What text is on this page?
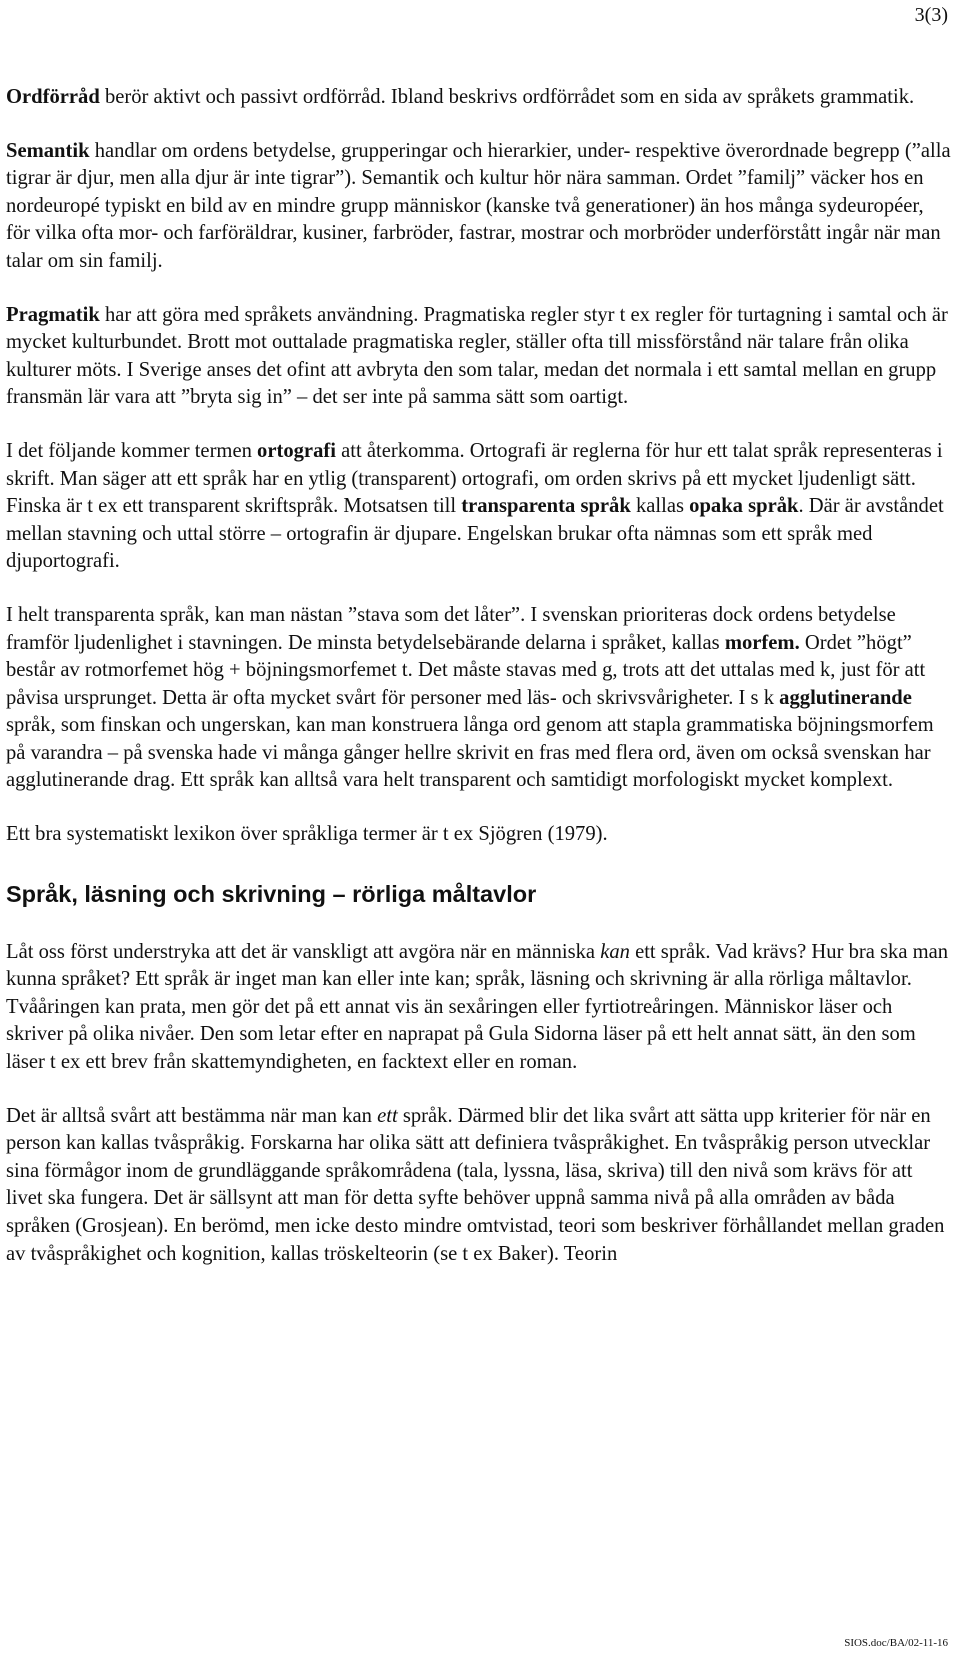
3(3)

Ordförråd berör aktivt och passivt ordförråd. Ibland beskrivs ordförrådet som en sida av språkets grammatik.

Semantik handlar om ordens betydelse, grupperingar och hierarkier, under- respektive överordnade begrepp (”alla tigrar är djur, men alla djur är inte tigrar”). Semantik och kultur hör nära samman. Ordet ”familj” väcker hos en nordeuropé typiskt en bild av en mindre grupp människor (kanske två generationer) än hos många sydeuropéer, för vilka ofta mor- och farföräldrar, kusiner, farbröder, fastrar, mostrar och morbröder underförstått ingår när man talar om sin familj.

Pragmatik har att göra med språkets användning. Pragmatiska regler styr t ex regler för turtagning i samtal och är mycket kulturbundet. Brott mot outtalade pragmatiska regler, ställer ofta till missförstånd när talare från olika kulturer möts. I Sverige anses det ofint att avbryta den som talar, medan det normala i ett samtal mellan en grupp fransmän lär vara att ”bryta sig in” – det ser inte på samma sätt som oartigt.

I det följande kommer termen ortografi att återkomma. Ortografi är reglerna för hur ett talat språk representeras i skrift. Man säger att ett språk har en ytlig (transparent) ortografi, om orden skrivs på ett mycket ljudenligt sätt. Finska är t ex ett transparent skriftspråk. Motsatsen till transparenta språk kallas opaka språk. Där är avståndet mellan stavning och uttal större – ortografin är djupare. Engelskan brukar ofta nämnas som ett språk med djuportografi.

I helt transparenta språk, kan man nästan ”stava som det låter”. I svenskan prioriteras dock ordens betydelse framför ljudenlighet i stavningen. De minsta betydelsebärande delarna i språket, kallas morfem. Ordet ”högt” består av rotmorfemet hög + böjningsmorfemet t. Det måste stavas med g, trots att det uttalas med k, just för att påvisa ursprunget. Detta är ofta mycket svårt för personer med läs- och skrivsvårigheter. I s k agglutinerande språk, som finskan och ungerskan, kan man konstruera långa ord genom att stapla grammatiska böjningsmorfem på varandra – på svenska hade vi många gånger hellre skrivit en fras med flera ord, även om också svenskan har agglutinerande drag. Ett språk kan alltså vara helt transparent och samtidigt morfologiskt mycket komplext.

Ett bra systematiskt lexikon över språkliga termer är t ex Sjögren (1979).

Språk, läsning och skrivning – rörliga måltavlor

Låt oss först understryka att det är vanskligt att avgöra när en människa kan ett språk. Vad krävs? Hur bra ska man kunna språket? Ett språk är inget man kan eller inte kan; språk, läsning och skrivning är alla rörliga måltavlor. Tvååringen kan prata, men gör det på ett annat vis än sexåringen eller fyrtiotreåringen. Människor läser och skriver på olika nivåer. Den som letar efter en naprapat på Gula Sidorna läser på ett helt annat sätt, än den som läser t ex ett brev från skattemyndigheten, en facktext eller en roman.

Det är alltså svårt att bestämma när man kan ett språk. Därmed blir det lika svårt att sätta upp kriterier för när en person kan kallas tvåspråkig. Forskarna har olika sätt att definiera tvåspråkighet. En tvåspråkig person utvecklar sina förmågor inom de grundläggande språkområdena (tala, lyssna, läsa, skriva) till den nivå som krävs för att livet ska fungera. Det är sällsynt att man för detta syfte behöver uppnå samma nivå på alla områden av båda språken (Grosjean). En berömd, men icke desto mindre omtvistad, teori som beskriver förhållandet mellan graden av tvåspråkighet och kognition, kallas tröskelteorin (se t ex Baker). Teorin

SIOS.doc/BA/02-11-16
